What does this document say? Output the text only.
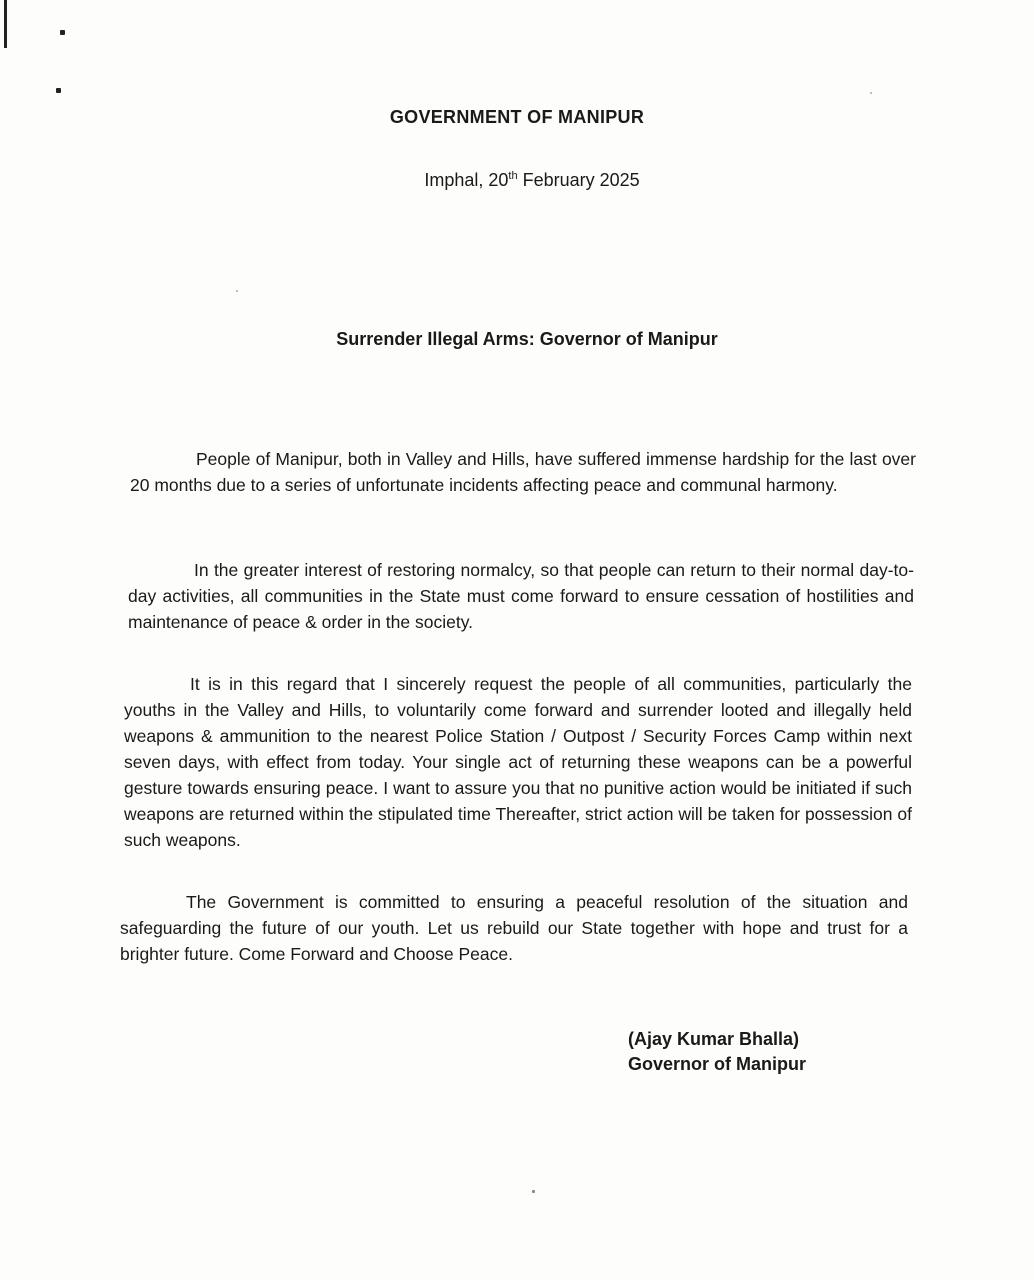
GOVERNMENT OF MANIPUR
Imphal, 20th February 2025
Surrender Illegal Arms: Governor of Manipur

People of Manipur, both in Valley and Hills, have suffered immense hardship for the last over 20 months due to a series of unfortunate incidents affecting peace and communal harmony.

In the greater interest of restoring normalcy, so that people can return to their normal day-to-day activities, all communities in the State must come forward to ensure cessation of hostilities and maintenance of peace & order in the society.

It is in this regard that I sincerely request the people of all communities, particularly the youths in the Valley and Hills, to voluntarily come forward and surrender looted and illegally held weapons & ammunition to the nearest Police Station / Outpost / Security Forces Camp within next seven days, with effect from today. Your single act of returning these weapons can be a powerful gesture towards ensuring peace. I want to assure you that no punitive action would be initiated if such weapons are returned within the stipulated time Thereafter, strict action will be taken for possession of such weapons.

The Government is committed to ensuring a peaceful resolution of the situation and safeguarding the future of our youth. Let us rebuild our State together with hope and trust for a brighter future. Come Forward and Choose Peace.

(Ajay Kumar Bhalla)
Governor of Manipur
